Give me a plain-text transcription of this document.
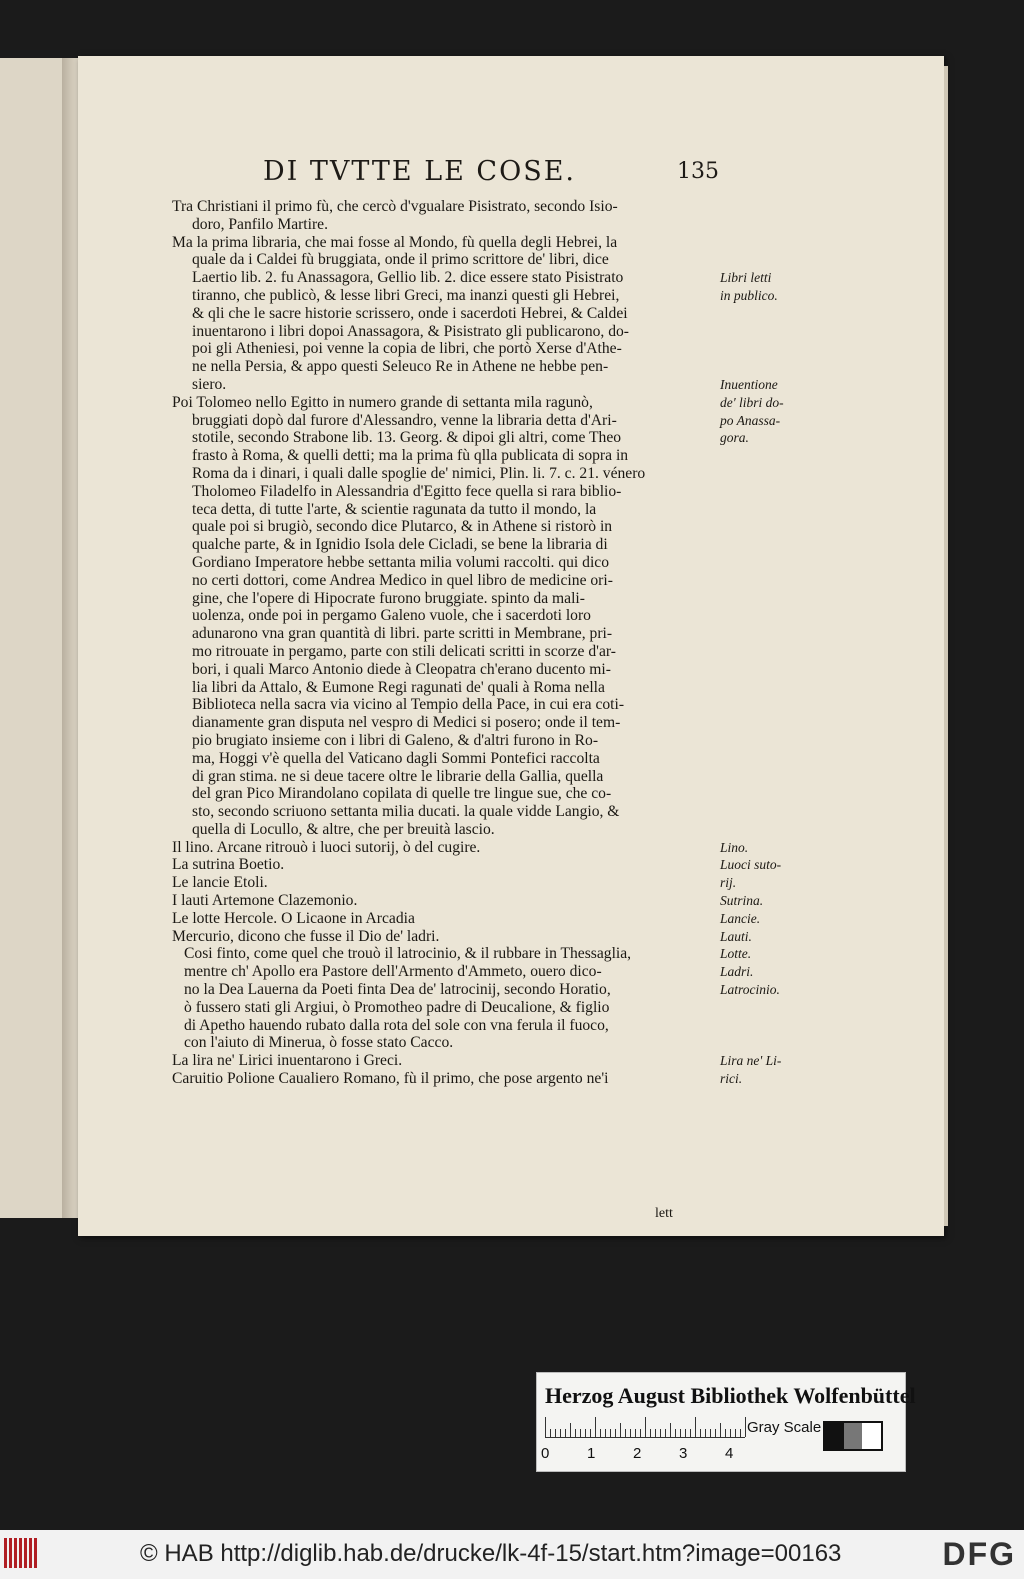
DI TVTTE LE COSE.	135
Tra Christiani il primo fù, che cercò d'vgualare Pisistrato, secondo Isio-
doro, Panfilo Martire.
Ma la prima libraria, che mai fosse al Mondo, fù quella degli Hebrei, la
quale da i Caldei fù bruggiata, onde il primo scrittore de' libri, dice
Laertio lib. 2. fu Anassagora, Gellio lib. 2. dice essere stato Pisistrato
tiranno, che publicò, & lesse libri Greci, ma inanzi questi gli Hebrei,
& qli che le sacre historie scrissero, onde i sacerdoti Hebrei, & Caldei
inuentarono i libri dopoi Anassagora, & Pisistrato gli publicarono, do-
poi gli Atheniesi, poi venne la copia de libri, che portò Xerse d'Athe-
ne nella Persia, & appo questi Seleuco Re in Athene ne hebbe pen-
siero.
Poi Tolomeo nello Egitto in numero grande di settanta mila ragunò,
bruggiati dopò dal furore d'Alessandro, venne la libraria detta d'Ari-
stotile, secondo Strabone lib. 13. Georg. & dipoi gli altri, come Theo
frasto à Roma, & quelli detti; ma la prima fù qlla publicata di sopra in
Roma da i dinari, i quali dalle spoglie de' nimici, Plin. li. 7. c. 21. vénero
Tholomeo Filadelfo in Alessandria d'Egitto fece quella si rara biblio-
teca detta, di tutte l'arte, & scientie ragunata da tutto il mondo, la
quale poi si brugiò, secondo dice Plutarco, & in Athene si ristorò in
qualche parte, & in Ignidio Isola dele Cicladi, se bene la libraria di
Gordiano Imperatore hebbe settanta milia volumi raccolti. qui dico
no certi dottori, come Andrea Medico in quel libro de medicine ori-
gine, che l'opere di Hipocrate furono bruggiate. spinto da mali-
uolenza, onde poi in pergamo Galeno vuole, che i sacerdoti loro
adunarono vna gran quantità di libri. parte scritti in Membrane, pri-
mo ritrouate in pergamo, parte con stili delicati scritti in scorze d'ar-
bori, i quali Marco Antonio diede à Cleopatra ch'erano ducento mi-
lia libri da Attalo, & Eumone Regi ragunati de' quali à Roma nella
Biblioteca nella sacra via vicino al Tempio della Pace, in cui era coti-
dianamente gran disputa nel vespro di Medici si posero; onde il tem-
pio brugiato insieme con i libri di Galeno, & d'altri furono in Ro-
ma, Hoggi v'è quella del Vaticano dagli Sommi Pontefici raccolta
di gran stima. ne si deue tacere oltre le librarie della Gallia, quella
del gran Pico Mirandolano copilata di quelle tre lingue sue, che co-
sto, secondo scriuono settanta milia ducati. la quale vidde Langio, &
quella di Locullo, & altre, che per breuità lascio.
Il lino. Arcane ritrouò i luoci sutorij, ò del cugire.
La sutrina Boetio.
Le lancie Etoli.
I lauti Artemone Clazemonio.
Le lotte Hercole. O Licaone in Arcadia
Mercurio, dicono che fusse il Dio de' ladri.
Cosi finto, come quel che trouò il latrocinio, & il rubbare in Thessaglia,
mentre ch' Apollo era Pastore dell'Armento d'Ammeto, ouero dico-
no la Dea Lauerna da Poeti finta Dea de' latrocinij, secondo Horatio,
ò fussero stati gli Argiui, ò Promotheo padre di Deucalione, & figlio
di Apetho hauendo rubato dalla rota del sole con vna ferula il fuoco,
con l'aiuto di Mineruа, ò fosse stato Cacco.
La lira ne' Lirici inuentarono i Greci.
Caruitio Polione Caualiero Romano, fù il primo, che pose argento ne'i
Libri letti
in publico.
Inuentione
de' libri do-
po Anassa-
gora.
Lino.
Luoci suto-
rij.
Sutrina.
Lancie.
Lauti.
Lotte.
Ladri.
Latrocinio.
Lira ne' Li-
rici.
lett
Herzog August Bibliothek Wolfenbüttel
0	1	2	3	4
Gray Scale
© HAB http://diglib.hab.de/drucke/lk-4f-15/start.htm?image=00163	DFG
